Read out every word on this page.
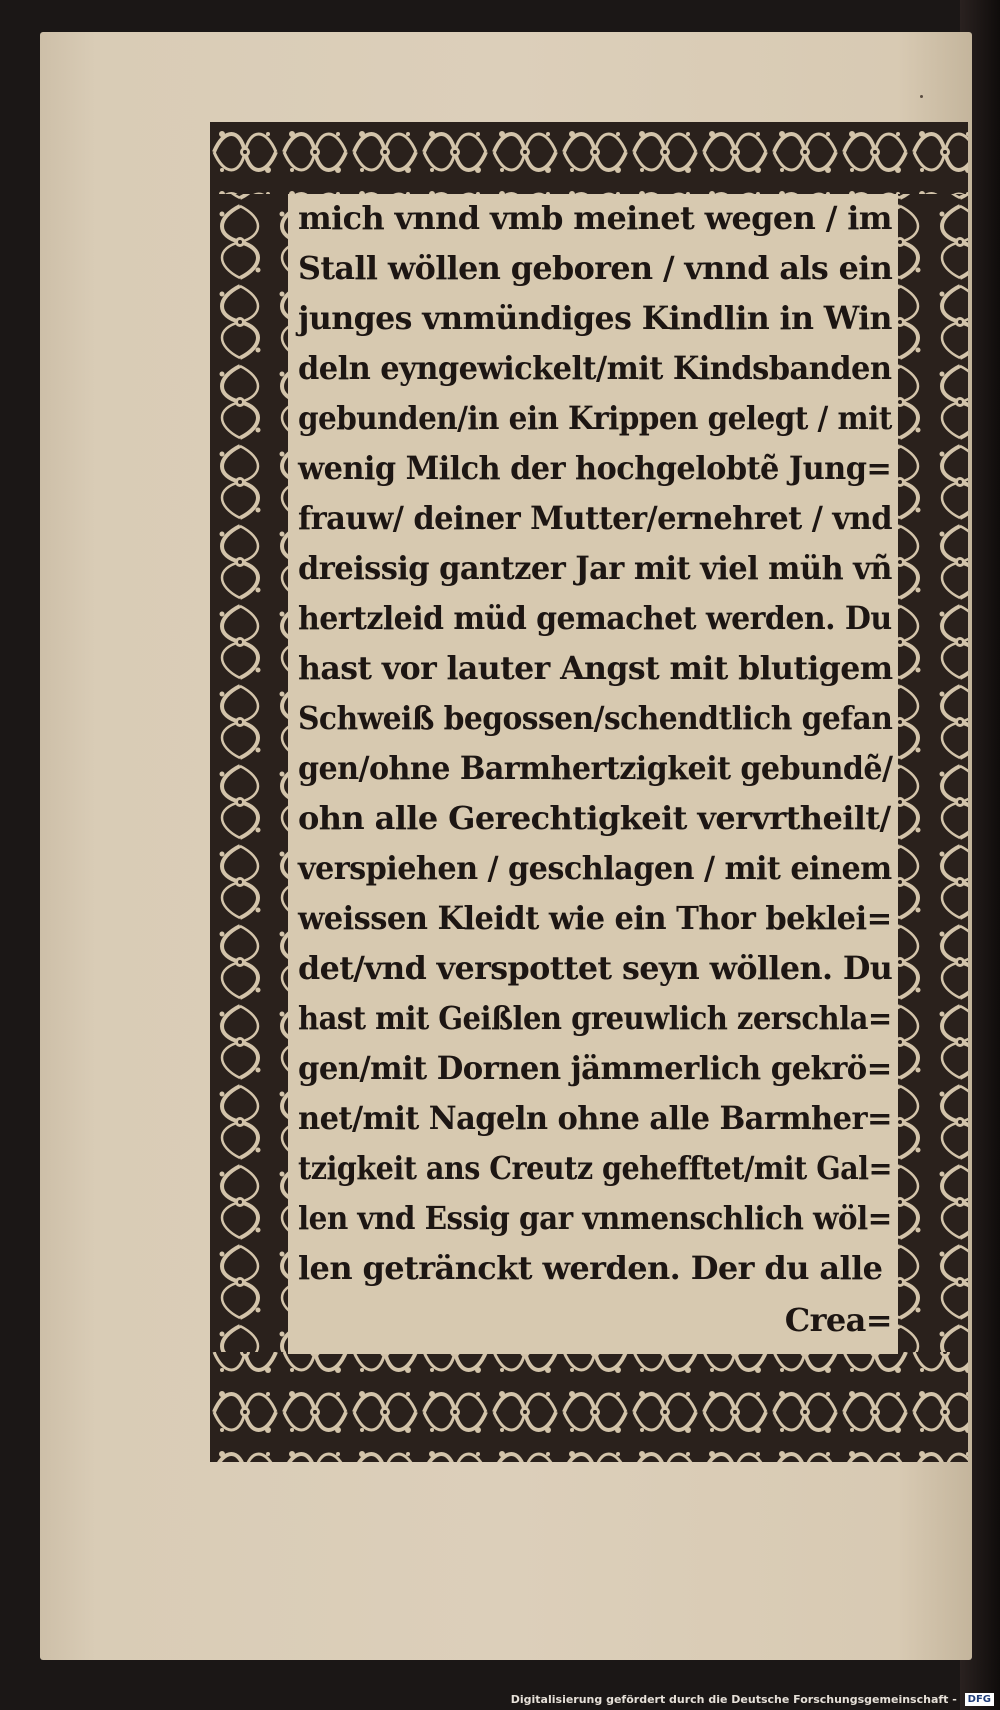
mich vnnd vmb meinet wegen / im
Stall wöllen geboren / vnnd als ein
junges vnmündiges Kindlin in Win
deln eyngewickelt/mit Kindsbanden
gebunden/in ein Krippen gelegt / mit
wenig Milch der hochgelobtẽ Jung=
frauw/ deiner Mutter/ernehret / vnd
dreissig gantzer Jar mit viel müh vñ
hertzleid müd gemachet werden. Du
hast vor lauter Angst mit blutigem
Schweiß begossen/schendtlich gefan
gen/ohne Barmhertzigkeit gebundẽ/
ohn alle Gerechtigkeit vervrtheilt/
verspiehen / geschlagen / mit einem
weissen Kleidt wie ein Thor beklei=
det/vnd verspottet seyn wöllen. Du
hast mit Geißlen greuwlich zerschla=
gen/mit Dornen jämmerlich gekrö=
net/mit Nageln ohne alle Barmher=
tzigkeit ans Creutz gehefftet/mit Gal=
len vnd Essig gar vnmenschlich wöl=
len getränckt werden. Der du alle
Crea=
Digitalisierung gefördert durch die Deutsche Forschungsgemeinschaft - DFG
